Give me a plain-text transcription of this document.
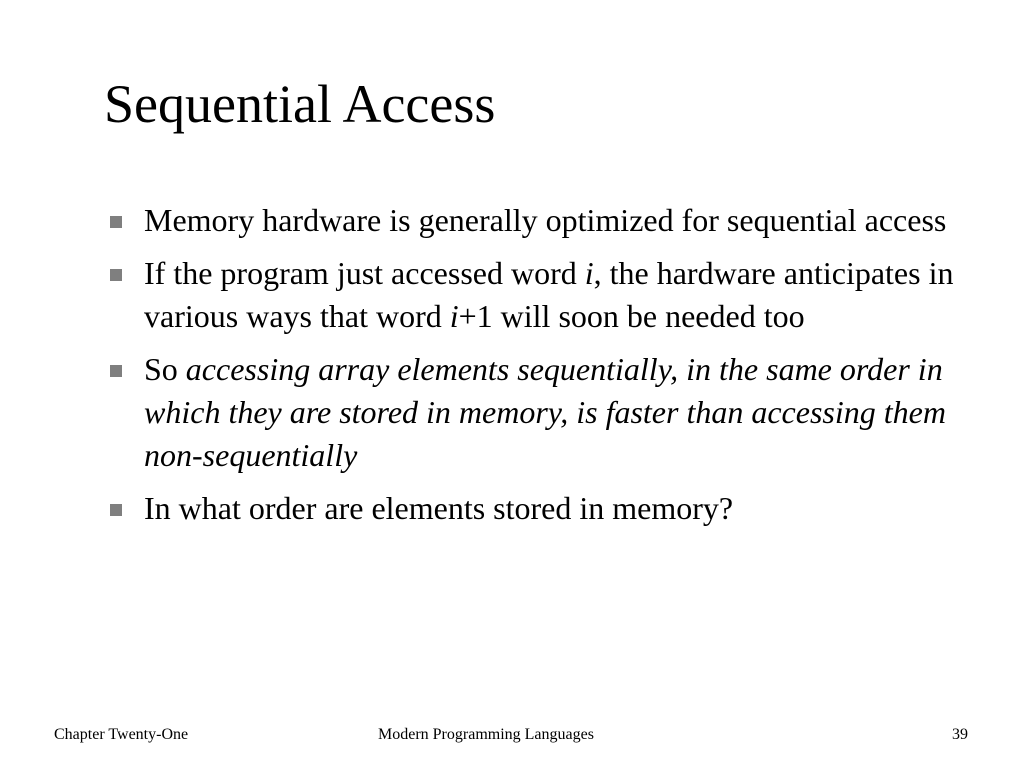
Sequential Access
Memory hardware is generally optimized for sequential access
If the program just accessed word i, the hardware anticipates in various ways that word i+1 will soon be needed too
So accessing array elements sequentially, in the same order in which they are stored in memory, is faster than accessing them non-sequentially
In what order are elements stored in memory?
Chapter Twenty-One	Modern Programming Languages	39
